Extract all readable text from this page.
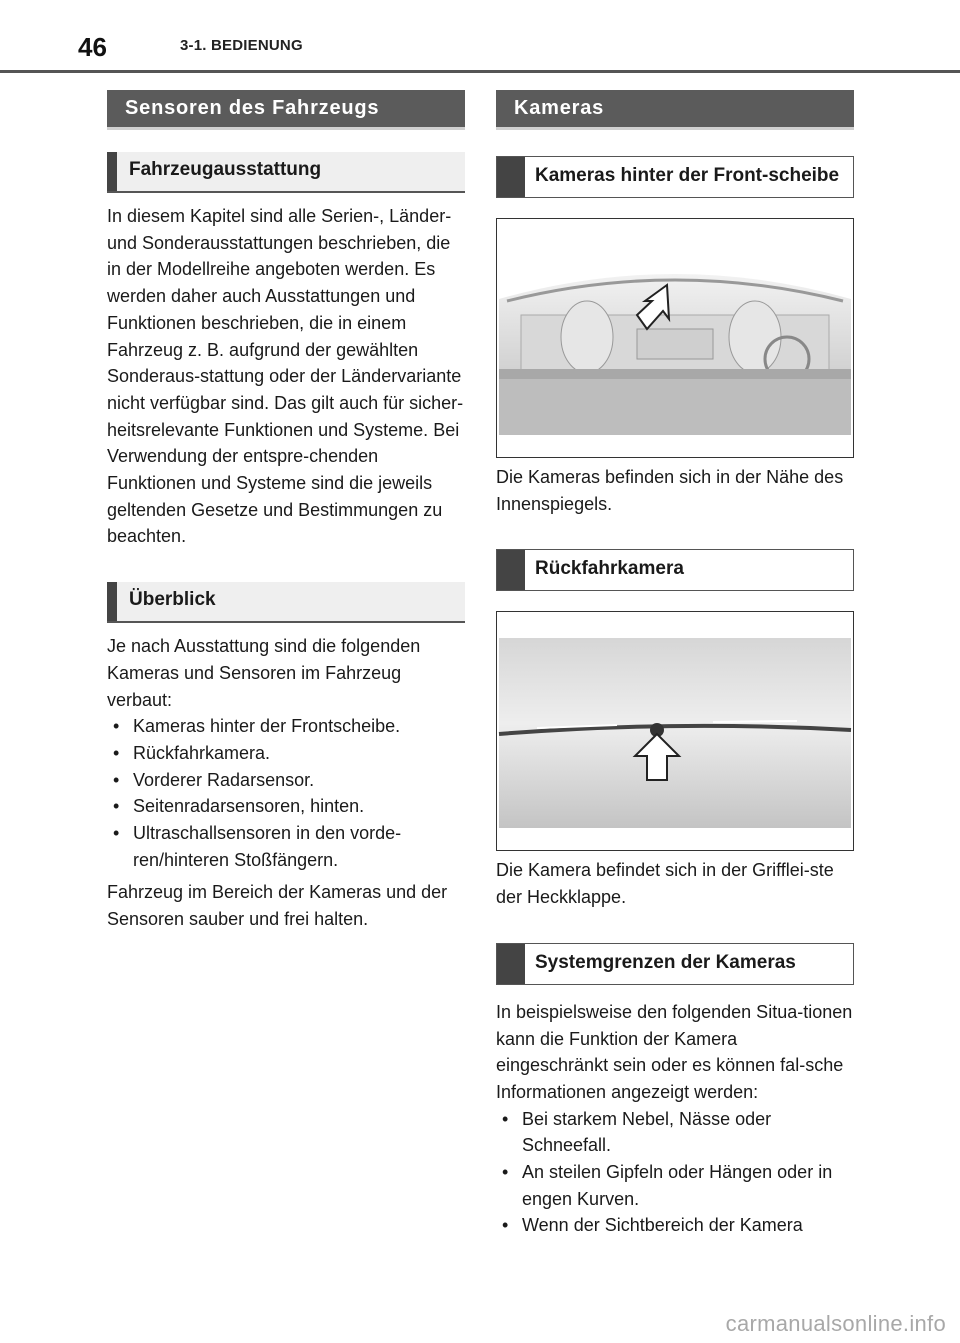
46	3-1. BEDIENUNG
Sensoren des Fahrzeugs
Fahrzeugausstattung

In diesem Kapitel sind alle Serien-, Länder- und Sonderausstattungen beschrieben, die in der Modellreihe angeboten werden. Es werden daher auch Ausstattungen und Funktionen beschrieben, die in einem Fahrzeug z. B. aufgrund der gewählten Sonderaus-stattung oder der Ländervariante nicht verfügbar sind. Das gilt auch für sicher-heitsrelevante Funktionen und Systeme. Bei Verwendung der entspre-chenden Funktionen und Systeme sind die jeweils geltenden Gesetze und Bestimmungen zu beachten.

Überblick

Je nach Ausstattung sind die folgenden Kameras und Sensoren im Fahrzeug verbaut:

• Kameras hinter der Frontscheibe.
• Rückfahrkamera.
• Vorderer Radarsensor.
• Seitenradarsensoren, hinten.
• Ultraschallsensoren in den vorde-ren/hinteren Stoßfängern.

Fahrzeug im Bereich der Kameras und der Sensoren sauber und frei halten.

Kameras
Kameras hinter der Front-scheibe

Die Kameras befinden sich in der Nähe des Innenspiegels.

Rückfahrkamera

Die Kamera befindet sich in der Grifflei-ste der Heckklappe.

Systemgrenzen der Kameras

In beispielsweise den folgenden Situa-tionen kann die Funktion der Kamera eingeschränkt sein oder es können fal-sche Informationen angezeigt werden:

• Bei starkem Nebel, Nässe oder Schneefall.
• An steilen Gipfeln oder Hängen oder in engen Kurven.
• Wenn der Sichtbereich der Kamera
carmanualsonline.info
